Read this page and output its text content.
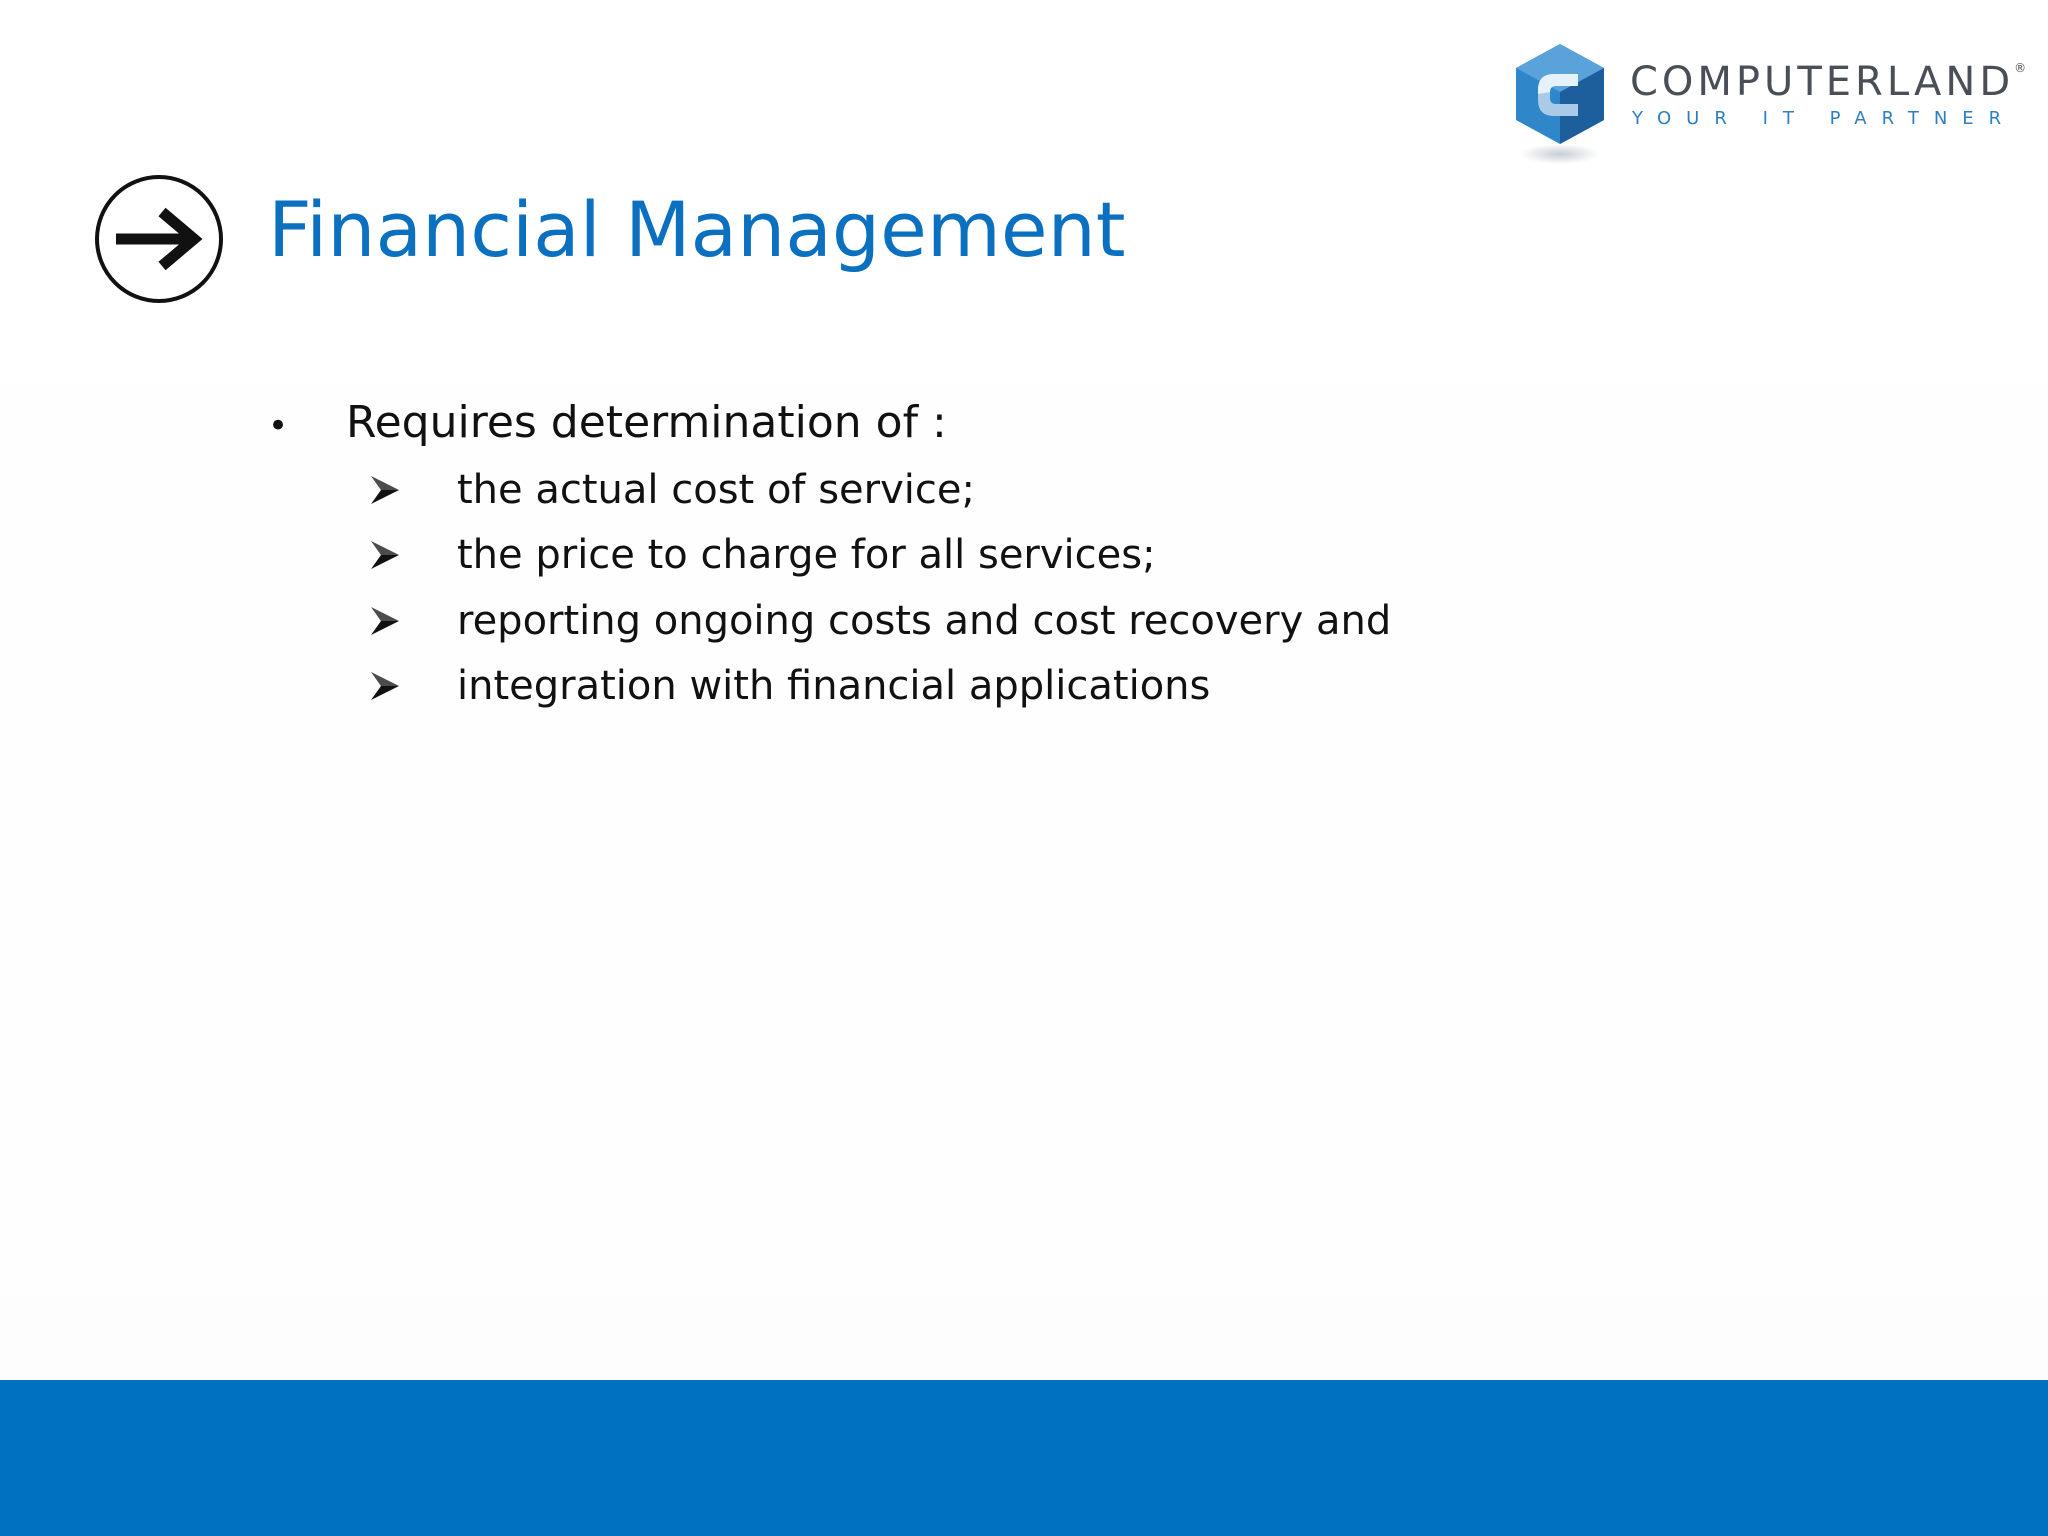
COMPUTERLAND®
YOUR IT PARTNER
Financial Management
•	Requires determination of :
the actual cost of service;
the price to charge for all services;
reporting ongoing costs and cost recovery and
integration with financial applications
